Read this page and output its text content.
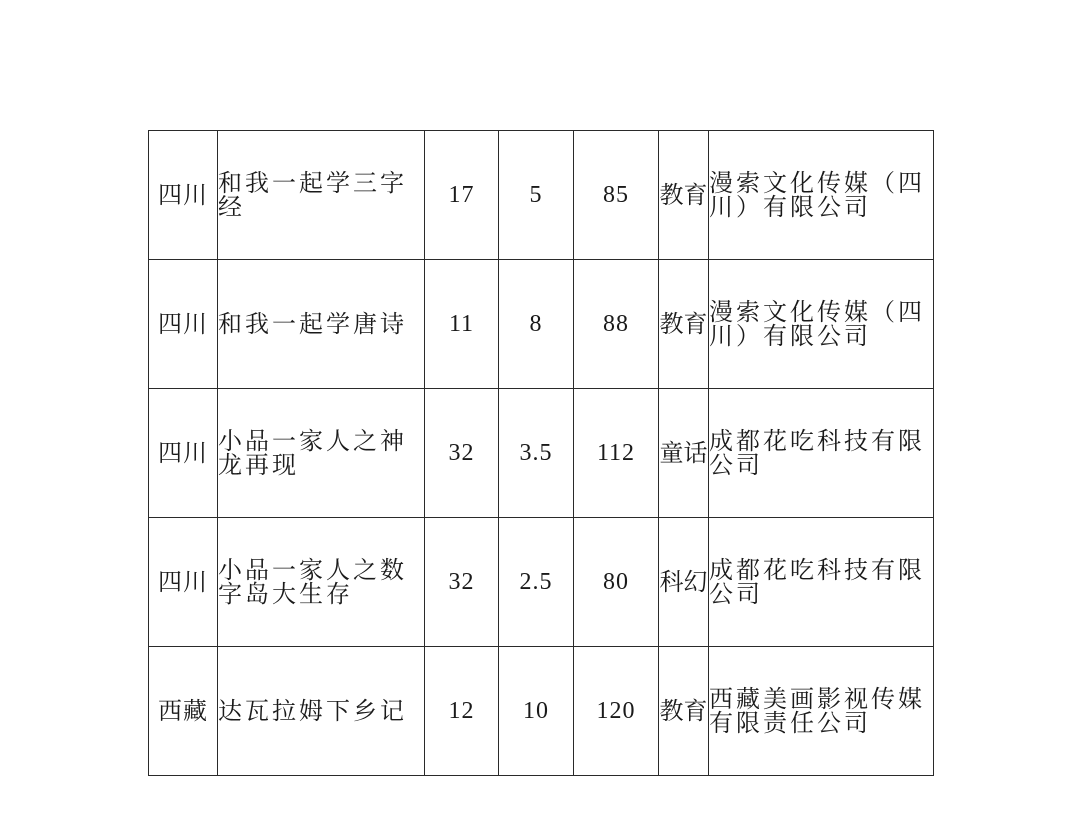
四川	和我一起学三字经	17	5	85	教育	漫索文化传媒（四川）有限公司
四川	和我一起学唐诗	11	8	88	教育	漫索文化传媒（四川）有限公司
四川	小品一家人之神龙再现	32	3.5	112	童话	成都花吃科技有限公司
四川	小品一家人之数字岛大生存	32	2.5	80	科幻	成都花吃科技有限公司
西藏	达瓦拉姆下乡记	12	10	120	教育	西藏美画影视传媒有限责任公司
